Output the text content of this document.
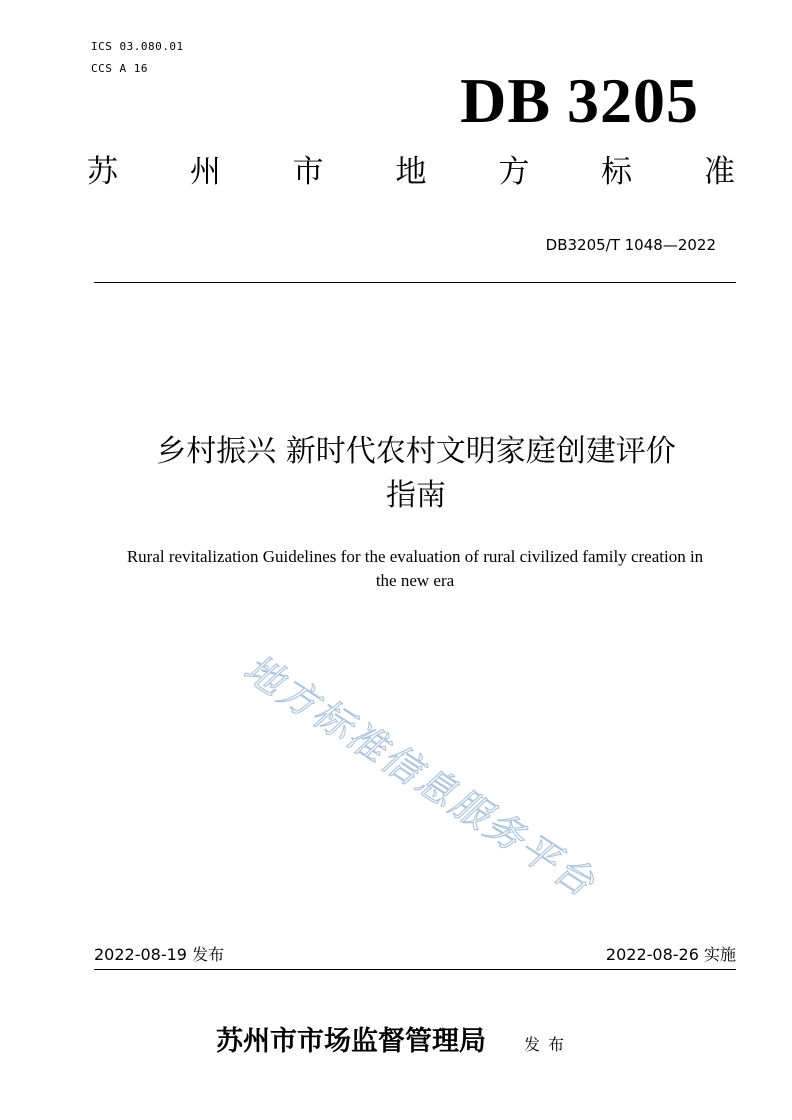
ICS 03.080.01
CCS A 16	DB 3205
苏 州 市 地 方 标 准
DB3205/T 1048—2022
乡村振兴 新时代农村文明家庭创建评价
指南
Rural revitalization Guidelines for the evaluation of rural civilized family creation in
the new era
地方标准信息服务平台
2022-08-19 发布	2022-08-26 实施
苏州市市场监督管理局 发布
